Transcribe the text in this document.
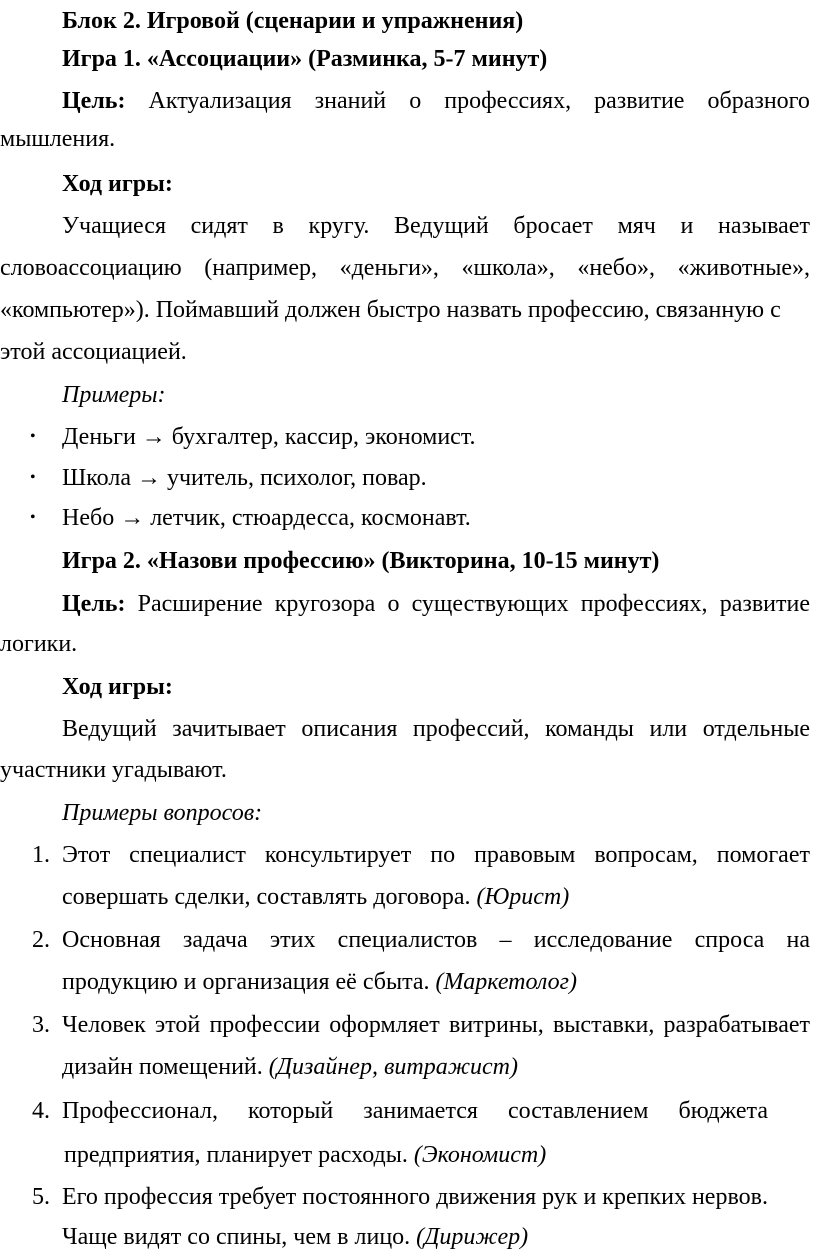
Блок 2. Игровой (сценарии и упражнения)
Игра 1. «Ассоциации» (Разминка, 5-7 минут)
Цель: Актуализация знаний о профессиях, развитие образного
мышления.
Ход игры:
Учащиеся сидят в кругу. Ведущий бросает мяч и называет
словоассоциацию (например, «деньги», «школа», «небо», «животные»,
«компьютер»). Поймавший должен быстро назвать профессию, связанную с
этой ассоциацией.
Примеры:
• Деньги → бухгалтер, кассир, экономист.
• Школа → учитель, психолог, повар.
• Небо → летчик, стюардесса, космонавт.
Игра 2. «Назови профессию» (Викторина, 10-15 минут)
Цель: Расширение кругозора о существующих профессиях, развитие
логики.
Ход игры:
Ведущий зачитывает описания профессий, команды или отдельные
участники угадывают.
Примеры вопросов:
1. Этот специалист консультирует по правовым вопросам, помогает
совершать сделки, составлять договора. (Юрист)
2. Основная задача этих специалистов – исследование спроса на
продукцию и организация её сбыта. (Маркетолог)
3. Человек этой профессии оформляет витрины, выставки, разрабатывает
дизайн помещений. (Дизайнер, витражист)
4. Профессионал, который занимается составлением бюджета
предприятия, планирует расходы. (Экономист)
5. Его профессия требует постоянного движения рук и крепких нервов.
Чаще видят со спины, чем в лицо. (Дирижер)
